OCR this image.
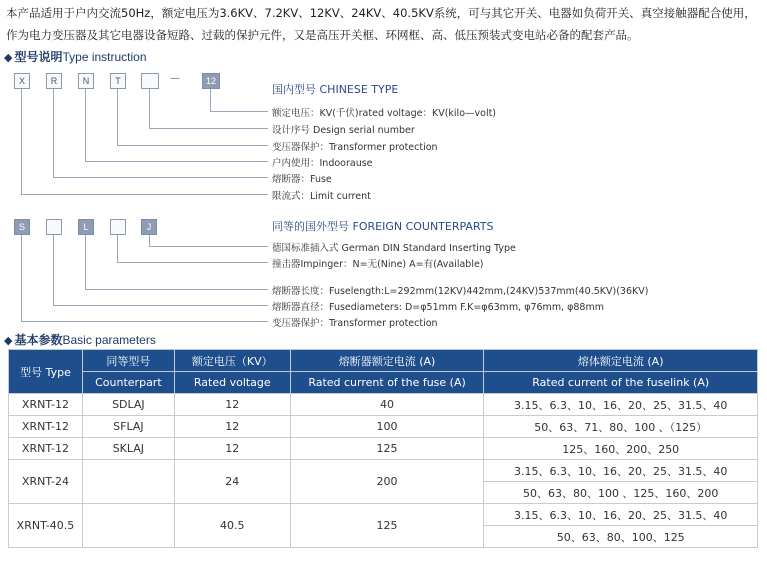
本产品适用于户内交流50Hz，额定电压为3.6KV、7.2KV、12KV、24KV、40.5KV系统，可与其它开关、电器如负荷开关、真空接触器配合使用，作为电力变压器及其它电器设备短路、过载的保护元件，又是高压开关框、环网框、高、低压预装式变电站必备的配套产品。
◆ 型号说明Type instruction
X	R	N	T	—	12
国内型号 CHINESE TYPE
额定电压：KV(千伏)rated voltage：KV(kilo—volt)
设计序号 Design serial number
变压器保护：Transformer protection
户内使用：Indoorause
熔断器：Fuse
限流式：Limit current
S	L	J	同等的国外型号 FOREIGN COUNTERPARTS
德国标准插入式 German DIN Standard Inserting Type
撞击器Impinger：N=无(Nine) A=有(Available)
熔断器长度：Fuselength:L=292mm(12KV)442mm,(24KV)537mm(40.5KV)(36KV)
熔断器直径：Fusediameters: D=φ51mm F.K=φ63mm, φ76mm, φ88mm
变压器保护：Transformer protection
◆ 基本参数Basic parameters
型号 Type	同等型号	额定电压（KV）	熔断器额定电流 (A)	熔体额定电流 (A)
	Counterpart	Rated voltage	Rated current of the fuse (A)	Rated current of the fuselink (A)
XRNT-12	SDLAJ	12	40	3.15、6.3、10、16、20、25、31.5、40
XRNT-12	SFLAJ	12	100	50、63、71、80、100 、（125）
XRNT-12	SKLAJ	12	125	125、160、200、250
XRNT-24		24	200	3.15、6.3、10、16、20、25、31.5、40
				50、63、80、100 、125、160、200
XRNT-40.5		40.5	125	3.15、6.3、10、16、20、25、31.5、40
				50、63、80、100、125
